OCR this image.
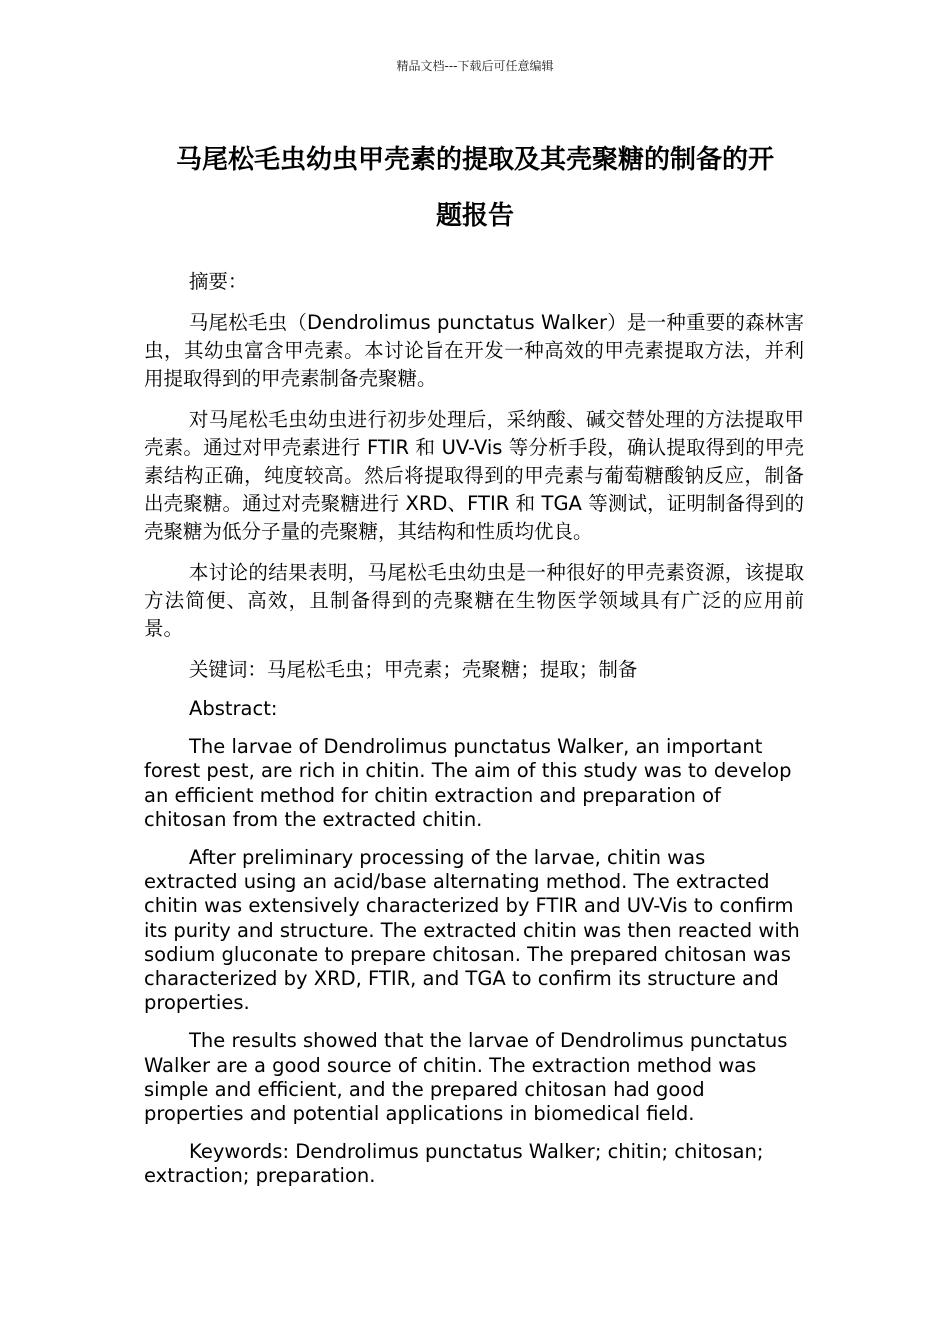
精品文档---下载后可任意编辑
马尾松毛虫幼虫甲壳素的提取及其壳聚糖的制备的开
题报告

摘要：

马尾松毛虫（Dendrolimus punctatus Walker）是一种重要的森林害虫，其幼虫富含甲壳素。本讨论旨在开发一种高效的甲壳素提取方法，并利用提取得到的甲壳素制备壳聚糖。

对马尾松毛虫幼虫进行初步处理后，采纳酸、碱交替处理的方法提取甲壳素。通过对甲壳素进行 FTIR 和 UV-Vis 等分析手段，确认提取得到的甲壳素结构正确，纯度较高。然后将提取得到的甲壳素与葡萄糖酸钠反应，制备出壳聚糖。通过对壳聚糖进行 XRD、FTIR 和 TGA 等测试，证明制备得到的壳聚糖为低分子量的壳聚糖，其结构和性质均优良。

本讨论的结果表明，马尾松毛虫幼虫是一种很好的甲壳素资源，该提取方法简便、高效，且制备得到的壳聚糖在生物医学领域具有广泛的应用前景。

关键词：马尾松毛虫；甲壳素；壳聚糖；提取；制备

Abstract:

The larvae of Dendrolimus punctatus Walker, an important forest pest, are rich in chitin. The aim of this study was to develop an efficient method for chitin extraction and preparation of chitosan from the extracted chitin.

After preliminary processing of the larvae, chitin was extracted using an acid/base alternating method. The extracted chitin was extensively characterized by FTIR and UV-Vis to confirm its purity and structure. The extracted chitin was then reacted with sodium gluconate to prepare chitosan. The prepared chitosan was characterized by XRD, FTIR, and TGA to confirm its structure and properties.

The results showed that the larvae of Dendrolimus punctatus Walker are a good source of chitin. The extraction method was simple and efficient, and the prepared chitosan had good properties and potential applications in biomedical field.

Keywords: Dendrolimus punctatus Walker; chitin; chitosan; extraction; preparation.
